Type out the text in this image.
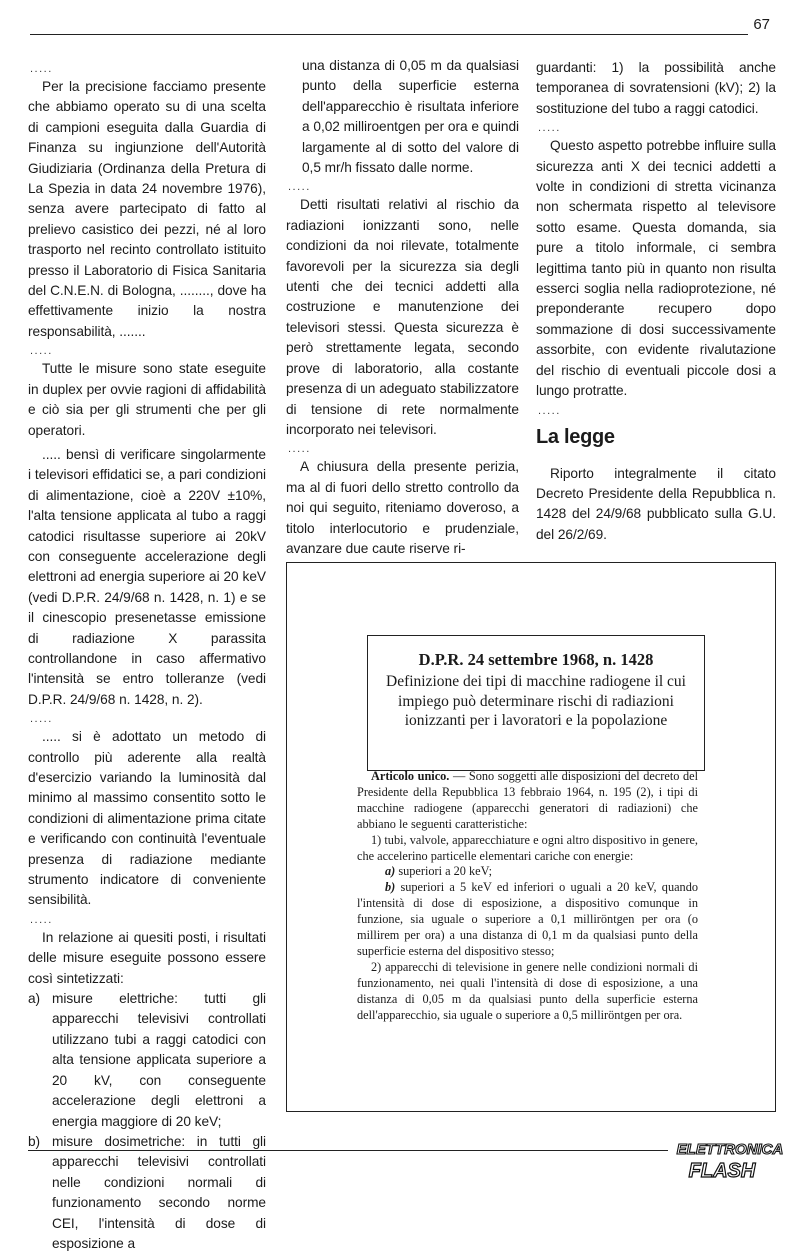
67
.....

Per la precisione facciamo presente che abbiamo operato su di una scelta di campioni eseguita dalla Guardia di Finanza su ingiunzione dell'Autorità Giudiziaria (Ordinanza della Pretura di La Spezia in data 24 novembre 1976), senza avere partecipato di fatto al prelievo casistico dei pezzi, né al loro trasporto nel recinto controllato istituito presso il Laboratorio di Fisica Sanitaria del C.N.E.N. di Bologna, ........, dove ha effettivamente inizio la nostra responsabilità, .......

.....

Tutte le misure sono state eseguite in duplex per ovvie ragioni di affidabilità e ciò sia per gli strumenti che per gli operatori.

..... bensì di verificare singolarmente i televisori effidatici se, a pari condizioni di alimentazione, cioè a 220V ±10%, l'alta tensione applicata al tubo a raggi catodici risultasse superiore ai 20kV con conseguente accelerazione degli elettroni ad energia superiore ai 20 keV (vedi D.P.R. 24/9/68 n. 1428, n. 1) e se il cinescopio presenetasse emissione di radiazione X parassita controllandone in caso affermativo l'intensità se entro tolleranze (vedi D.P.R. 24/9/68 n. 1428, n. 2).

.....

..... si è adottato un metodo di controllo più aderente alla realtà d'esercizio variando la luminosità dal minimo al massimo consentito sotto le condizioni di alimentazione prima citate e verificando con continuità l'eventuale presenza di radiazione mediante strumento indicatore di conveniente sensibilità.

.....

In relazione ai quesiti posti, i risultati delle misure eseguite possono essere così sintetizzati:

a) misure elettriche: tutti gli apparecchi televisivi controllati utilizzano tubi a raggi catodici con alta tensione applicata superiore a 20 kV, con conseguente accelerazione degli elettroni a energia maggiore di 20 keV;
b) misure dosimetriche: in tutti gli apparecchi televisivi controllati nelle condizioni normali di funzionamento secondo norme CEI, l'intensità di dose di esposizione a

una distanza di 0,05 m da qualsiasi punto della superficie esterna dell'apparecchio è risultata inferiore a 0,02 milliroentgen per ora e quindi largamente al di sotto del valore di 0,5 mr/h fissato dalle norme.

.....

Detti risultati relativi al rischio da radiazioni ionizzanti sono, nelle condizioni da noi rilevate, totalmente favorevoli per la sicurezza sia degli utenti che dei tecnici addetti alla costruzione e manutenzione dei televisori stessi. Questa sicurezza è però strettamente legata, secondo prove di laboratorio, alla costante presenza di un adeguato stabilizzatore di tensione di rete normalmente incorporato nei televisori.

.....

A chiusura della presente perizia, ma al di fuori dello stretto controllo da noi qui seguito, riteniamo doveroso, a titolo interlocutorio e prudenziale, avanzare due caute riserve ri-

guardanti: 1) la possibilità anche temporanea di sovratensioni (kV); 2) la sostituzione del tubo a raggi catodici.

.....

Questo aspetto potrebbe influire sulla sicurezza anti X dei tecnici addetti a volte in condizioni di stretta vicinanza non schermata rispetto al televisore sotto esame. Questa domanda, sia pure a titolo informale, ci sembra legittima tanto più in quanto non risulta esserci soglia nella radioprotezione, né preponderante recupero dopo sommazione di dosi successivamente assorbite, con evidente rivalutazione del rischio di eventuali piccole dosi a lungo protratte.

.....
La legge

Riporto integralmente il citato Decreto Presidente della Repubblica n. 1428 del 24/9/68 pubblicato sulla G.U. del 26/2/69.

D.P.R. 24 settembre 1968, n. 1428
Definizione dei tipi di macchine radiogene il cui impiego può determinare rischi di radiazioni ionizzanti per i lavoratori e la popolazione

Articolo unico. — Sono soggetti alle disposizioni del decreto del Presidente della Repubblica 13 febbraio 1964, n. 195 (2), i tipi di macchine radiogene (apparecchi generatori di radiazioni) che abbiano le seguenti caratteristiche:

1) tubi, valvole, apparecchiature e ogni altro dispositivo in genere, che accelerino particelle elementari cariche con energie:

a) superiori a 20 keV;

b) superiori a 5 keV ed inferiori o uguali a 20 keV, quando l'intensità di dose di esposizione, a dispositivo comunque in funzione, sia uguale o superiore a 0,1 milliröntgen per ora (o millirem per ora) a una distanza di 0,1 m da qualsiasi punto della superficie esterna del dispositivo stesso;

2) apparecchi di televisione in genere nelle condizioni normali di funzionamento, nei quali l'intensità di dose di esposizione, a una distanza di 0,05 m da qualsiasi punto della superficie esterna dell'apparecchio, sia uguale o superiore a 0,5 milliröntgen per ora.

ELETTRONICA
FLASH
